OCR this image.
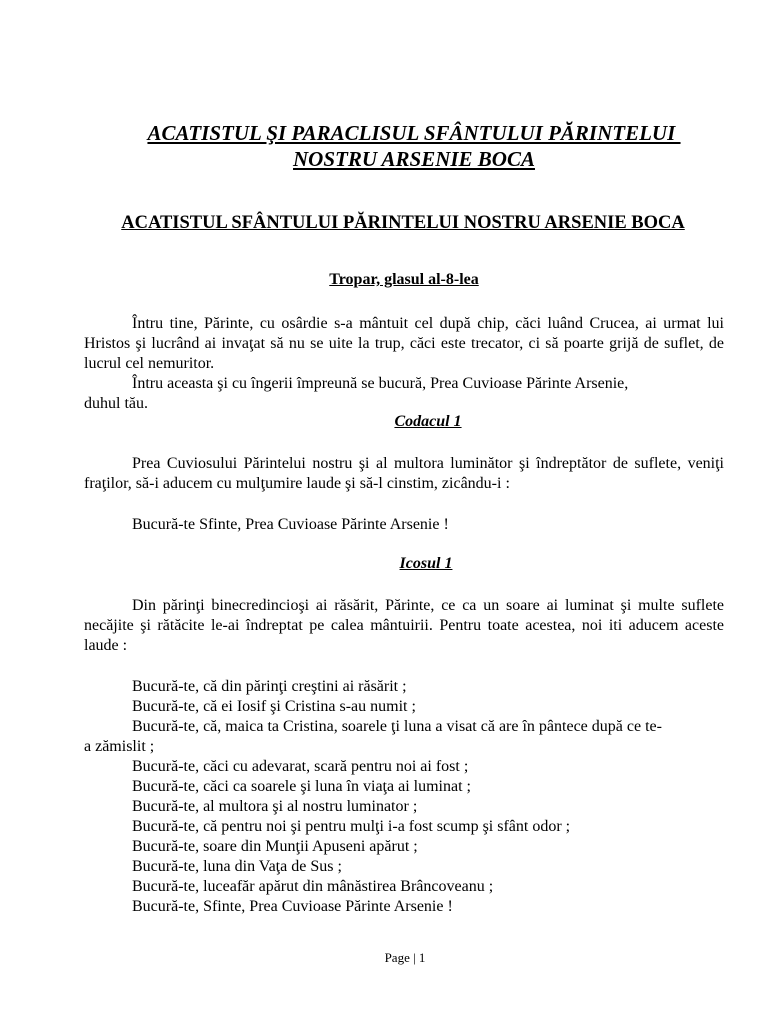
ACATISTUL ŞI PARACLISUL SFÂNTULUI PĂRINTELUI
NOSTRU ARSENIE BOCA
ACATISTUL SFÂNTULUI PĂRINTELUI NOSTRU ARSENIE BOCA
Tropar, glasul al-8-lea
Întru tine, Părinte, cu osârdie s-a mântuit cel după chip, căci luând Crucea, ai urmat lui Hristos şi lucrând ai invaţat să nu se uite la trup, căci este trecator, ci să poarte grijă de suflet, de lucrul cel nemuritor.
Întru aceasta şi cu îngerii împreună se bucură, Prea Cuvioase Părinte Arsenie,
duhul tău.
Codacul 1
Prea Cuviosului Părintelui nostru şi al multora luminător şi îndreptător de suflete, veniţi fraţilor, să-i aducem cu mulţumire laude şi să-l cinstim, zicându-i :
Bucură-te Sfinte, Prea Cuvioase Părinte Arsenie !
Icosul 1
Din părinţi binecredincioşi ai răsărit, Părinte, ce ca un soare ai luminat şi multe suflete necăjite şi rătăcite le-ai îndreptat pe calea mântuirii. Pentru toate acestea, noi iti aducem aceste laude :
Bucură-te, că din părinţi creştini ai răsărit ;
Bucură-te, că ei Iosif şi Cristina s-au numit ;
Bucură-te, că, maica ta Cristina, soarele ţi luna a visat că are în pântece după ce te-
a zămislit ;
Bucură-te, căci cu adevarat, scară pentru noi ai fost ;
Bucură-te, căci ca soarele şi luna în viaţa ai luminat ;
Bucură-te, al multora şi al nostru luminator ;
Bucură-te, că pentru noi şi pentru mulţi i-a fost scump şi sfânt odor ;
Bucură-te, soare din Munţii Apuseni apărut ;
Bucură-te, luna din Vaţa de Sus ;
Bucură-te, luceafăr apărut din mânăstirea Brâncoveanu ;
Bucură-te, Sfinte, Prea Cuvioase Părinte Arsenie !
Page | 1
